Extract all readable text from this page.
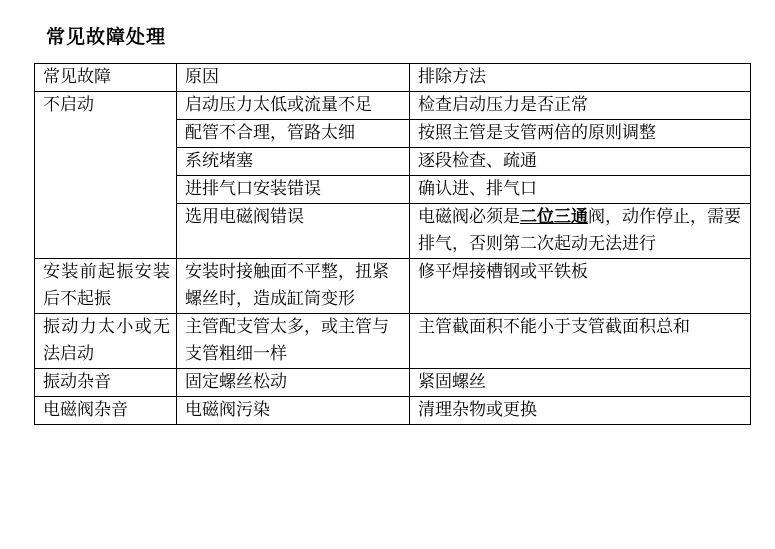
常见故障处理
常见故障	原因	排除方法
不启动	启动压力太低或流量不足	检查启动压力是否正常
	配管不合理，管路太细	按照主管是支管两倍的原则调整
	系统堵塞	逐段检查、疏通
	进排气口安装错误	确认进、排气口
	选用电磁阀错误	电磁阀必须是二位三通阀，动作停止，需要排气，否则第二次起动无法进行
安装前起振安装后不起振	安装时接触面不平整，扭紧螺丝时，造成缸筒变形	修平焊接槽钢或平铁板
振动力太小或无法启动	主管配支管太多，或主管与支管粗细一样	主管截面积不能小于支管截面积总和
振动杂音	固定螺丝松动	紧固螺丝
电磁阀杂音	电磁阀污染	清理杂物或更换
